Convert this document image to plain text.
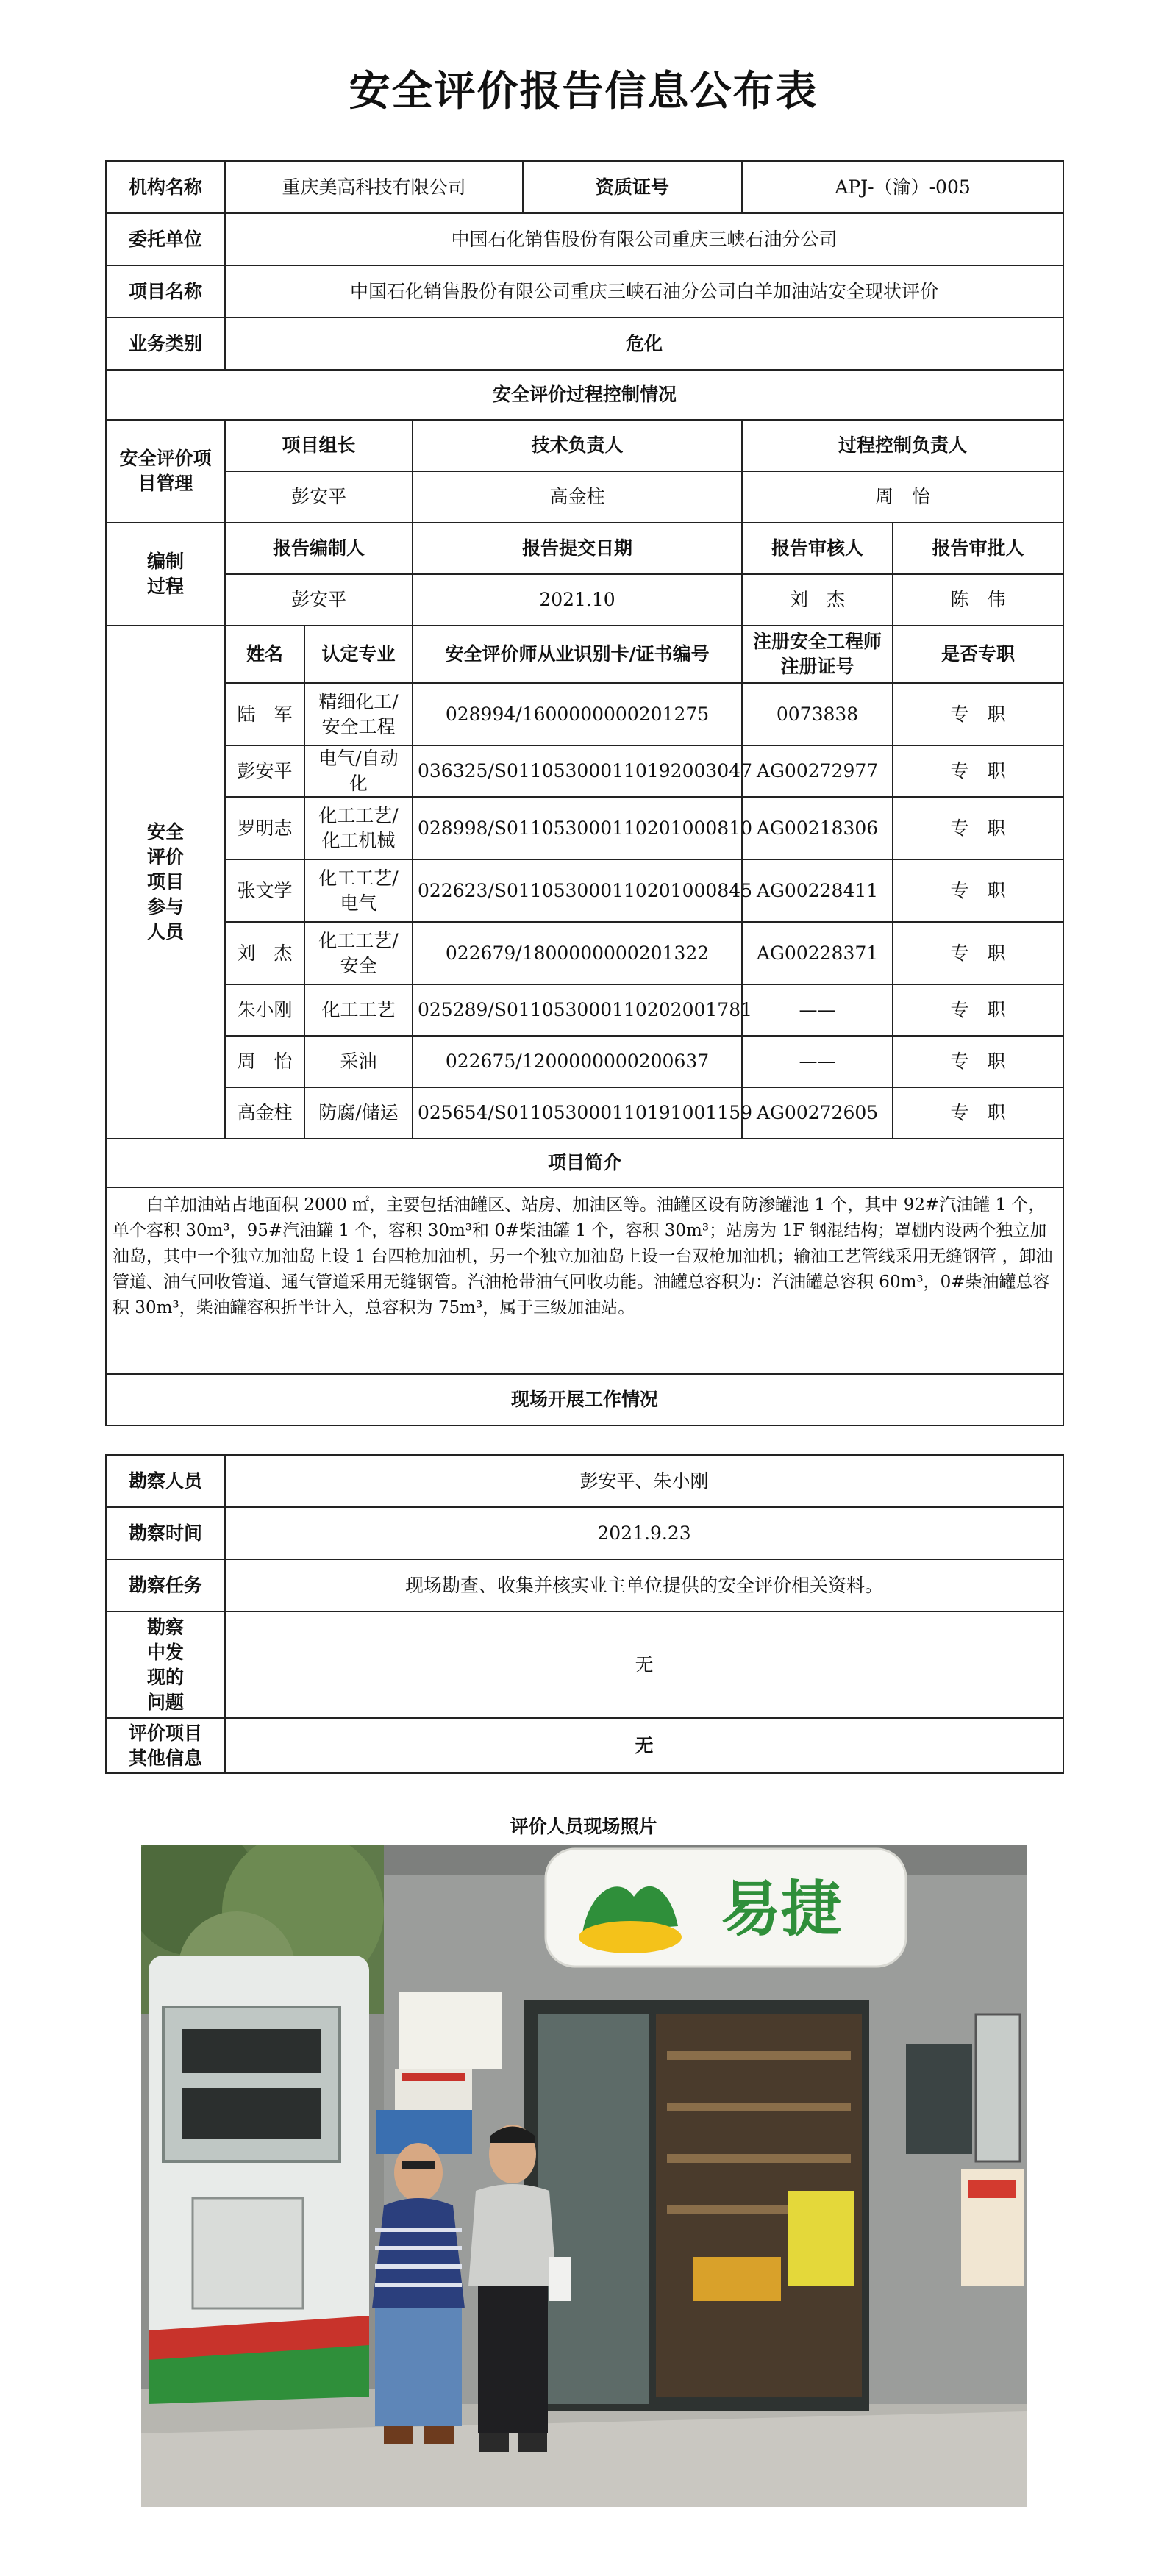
安全评价报告信息公布表
机构名称	重庆美高科技有限公司			资质证号	APJ-（渝）-005	
委托单位	中国石化销售股份有限公司重庆三峡石油分公司					
项目名称	中国石化销售股份有限公司重庆三峡石油分公司白羊加油站安全现状评价					
业务类别	危化					
安全评价过程控制情况						
安全评价项目管理	项目组长		技术负责人		过程控制负责人	
	彭安平		高金柱		周　怡	
编制过程	报告编制人		报告提交日期		报告审核人	报告审批人
	彭安平		2021.10		刘　杰	陈　伟
安全评价项目参与人员	姓名	认定专业	安全评价师从业识别卡/证书编号		注册安全工程师注册证号	是否专职
	陆　军	精细化工/安全工程	028994/1600000000201275		0073838	专　职
	彭安平	电气/自动化	036325/S011053000110192003047		AG00272977	专　职
	罗明志	化工工艺/化工机械	028998/S011053000110201000810		AG00218306	专　职
	张文学	化工工艺/电气	022623/S011053000110201000845		AG00228411	专　职
	刘　杰	化工工艺/安全	022679/1800000000201322		AG00228371	专　职
	朱小刚	化工工艺	025289/S011053000110202001781		——	专　职
	周　怡	采油	022675/1200000000200637		——	专　职
	高金柱	防腐/储运	025654/S011053000110191001159		AG00272605	专　职
项目简介						
白羊加油站占地面积 2000 ㎡，主要包括油罐区、站房、加油区等。油罐区设有防渗罐池 1 个，其中 92#汽油罐 1 个，单个容积 30m³，95#汽油罐 1 个，容积 30m³和 0#柴油罐 1 个，容积 30m³；站房为 1F 钢混结构；罩棚内设两个独立加油岛，其中一个独立加油岛上设 1 台四枪加油机，另一个独立加油岛上设一台双枪加油机；输油工艺管线采用无缝钢管 ，卸油管道、油气回收管道、通气管道采用无缝钢管。汽油枪带油气回收功能。油罐总容积为：汽油罐总容积 60m³，0#柴油罐总容积 30m³，柴油罐容积折半计入，总容积为 75m³，属于三级加油站。						
现场开展工作情况						
勘察人员	彭安平、朱小刚
勘察时间	2021.9.23
勘察任务	现场勘查、收集并核实业主单位提供的安全评价相关资料。
勘察中发现的问题	无
评价项目其他信息	无
评价人员现场照片
易捷
